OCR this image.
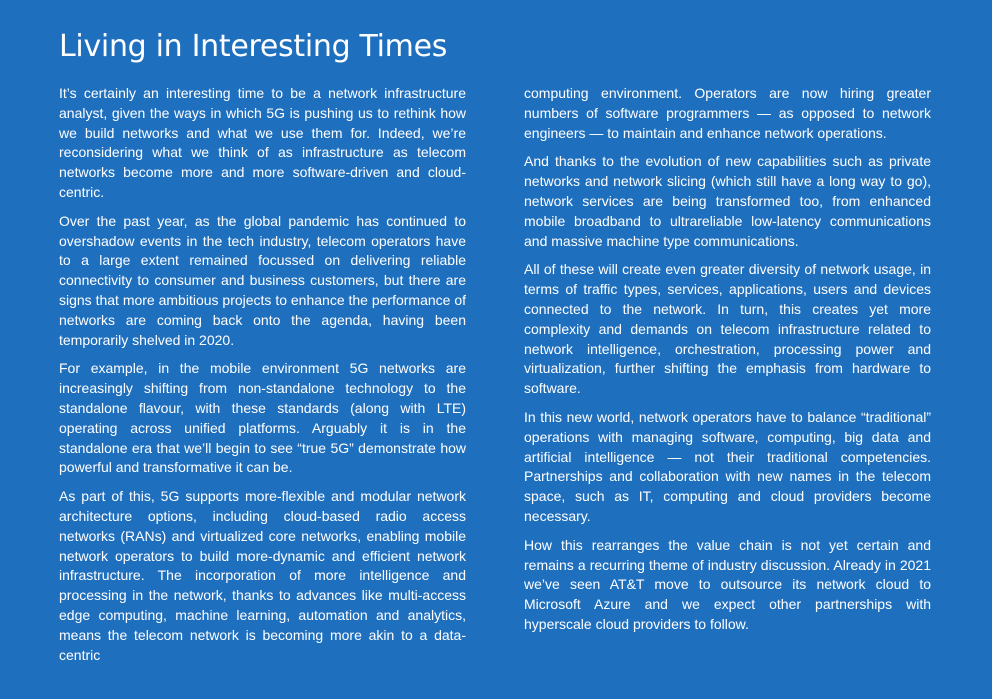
Living in Interesting Times

It’s certainly an interesting time to be a network infrastructure analyst, given the ways in which 5G is pushing us to rethink how we build networks and what we use them for. Indeed, we’re reconsidering what we think of as infrastructure as telecom networks become more and more software-driven and cloud-centric.

Over the past year, as the global pandemic has continued to overshadow events in the tech industry, telecom operators have to a large extent remained focussed on delivering reliable connectivity to consumer and business customers, but there are signs that more ambitious projects to enhance the performance of networks are coming back onto the agenda, having been temporarily shelved in 2020.

For example, in the mobile environment 5G networks are increasingly shifting from non-standalone technology to the standalone flavour, with these standards (along with LTE) operating across unified platforms. Arguably it is in the standalone era that we’ll begin to see “true 5G” demonstrate how powerful and transformative it can be.

As part of this, 5G supports more-flexible and modular network architecture options, including cloud-based radio access networks (RANs) and virtualized core networks, enabling mobile network operators to build more-dynamic and efficient network infrastructure. The incorporation of more intelligence and processing in the network, thanks to advances like multi-access edge computing, machine learning, automation and analytics, means the telecom network is becoming more akin to a data-centric

computing environment. Operators are now hiring greater numbers of software programmers — as opposed to network engineers — to maintain and enhance network operations.

And thanks to the evolution of new capabilities such as private networks and network slicing (which still have a long way to go), network services are being transformed too, from enhanced mobile broadband to ultrareliable low-latency communications and massive machine type communications.

All of these will create even greater diversity of network usage, in terms of traffic types, services, applications, users and devices connected to the network. In turn, this creates yet more complexity and demands on telecom infrastructure related to network intelligence, orchestration, processing power and virtualization, further shifting the emphasis from hardware to software.

In this new world, network operators have to balance “traditional” operations with managing software, computing, big data and artificial intelligence — not their traditional competencies. Partnerships and collaboration with new names in the telecom space, such as IT, computing and cloud providers become necessary.

How this rearranges the value chain is not yet certain and remains a recurring theme of industry discussion. Already in 2021 we’ve seen AT&T move to outsource its network cloud to Microsoft Azure and we expect other partnerships with hyperscale cloud providers to follow.
